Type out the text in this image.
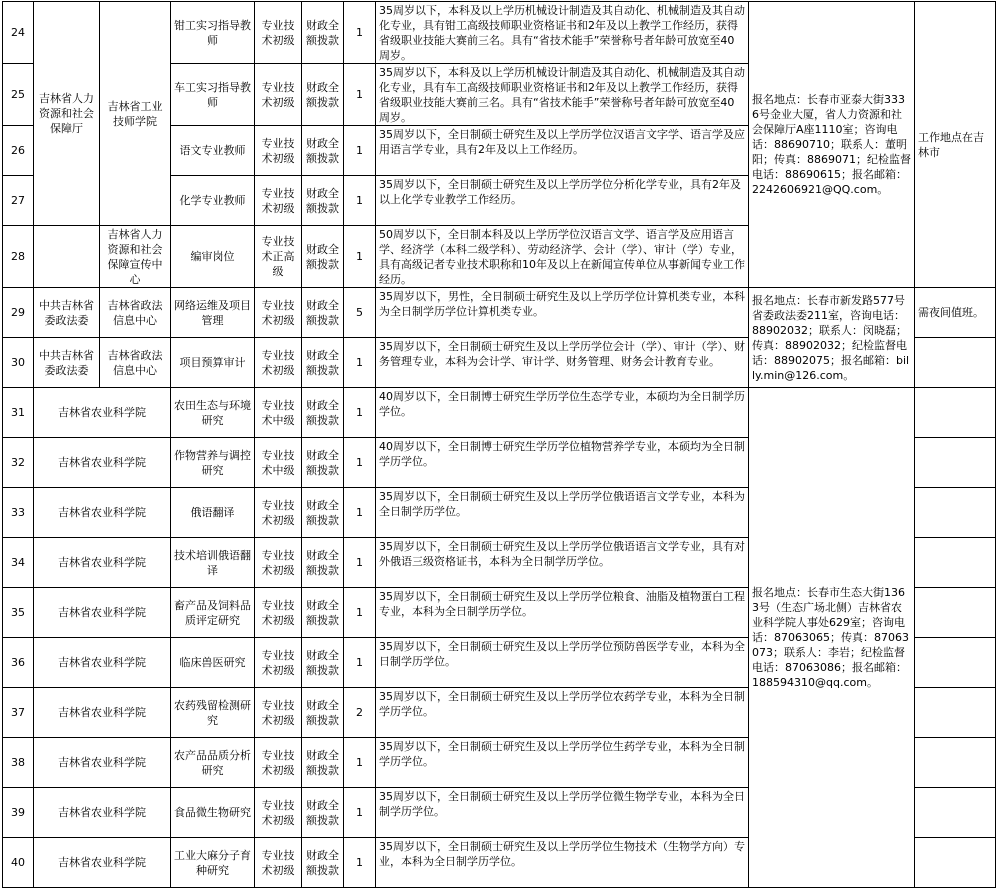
24	吉林省人力资源和社会保障厅	吉林省工业技师学院	钳工实习指导教师	专业技术初级	财政全额拨款	1	35周岁以下，本科及以上学历机械设计制造及其自动化、机械制造及其自动化专业，具有钳工高级技师职业资格证书和2年及以上教学工作经历，获得省级职业技能大赛前三名。具有“省技术能手”荣誉称号者年龄可放宽至40周岁。	报名地点：长春市亚泰大街3336号金业大厦，省人力资源和社会保障厅A座1110室；咨询电话：88690710；联系人：董明阳；传真：8869071；纪检监督电话：88690615；报名邮箱：2242606921@QQ.com。	工作地点在吉林市
25			车工实习指导教师	专业技术初级	财政全额拨款	1	35周岁以下，本科及以上学历机械设计制造及其自动化、机械制造及其自动化专业，具有车工高级技师职业资格证书和2年及以上教学工作经历，获得省级职业技能大赛前三名。具有“省技术能手”荣誉称号者年龄可放宽至40周岁。		
26			语文专业教师	专业技术初级	财政全额拨款	1	35周岁以下，全日制硕士研究生及以上学历学位汉语言文字学、语言学及应用语言学专业，具有2年及以上工作经历。		
27			化学专业教师	专业技术初级	财政全额拨款	1	35周岁以下，全日制硕士研究生及以上学历学位分析化学专业，具有2年及以上化学专业教学工作经历。		
28		吉林省人力资源和社会保障宣传中心	编审岗位	专业技术正高级	财政全额拨款	1	50周岁以下，全日制本科及以上学历学位汉语言文学、语言学及应用语言学、经济学（本科二级学科）、劳动经济学、会计（学）、审计（学）专业，具有高级记者专业技术职称和10年及以上在新闻宣传单位从事新闻专业工作经历。		
29	中共吉林省委政法委	吉林省政法信息中心	网络运维及项目管理	专业技术初级	财政全额拨款	5	35周岁以下，男性，全日制硕士研究生及以上学历学位计算机类专业，本科为全日制学历学位计算机类专业。	报名地点：长春市新发路577号省委政法委211室，咨询电话：88902032；联系人：闵晓磊；传真：88902032；纪检监督电话：88902075；报名邮箱：billy.min@126.com。	需夜间值班。
30	中共吉林省委政法委	吉林省政法信息中心	项目预算审计	专业技术初级	财政全额拨款	1	35周岁以下，全日制硕士研究生及以上学历学位会计（学）、审计（学）、财务管理专业，本科为会计学、审计学、财务管理、财务会计教育专业。		
31	吉林省农业科学院		农田生态与环境研究	专业技术中级	财政全额拨款	1	40周岁以下，全日制博士研究生学历学位生态学专业，本硕均为全日制学历学位。	报名地点：长春市生态大街1363号（生态广场北侧）吉林省农业科学院人事处629室；咨询电话：87063065；传真：87063073；联系人：李岩；纪检监督电话：87063086；报名邮箱：188594310@qq.com。	
32	吉林省农业科学院		作物营养与调控研究	专业技术中级	财政全额拨款	1	40周岁以下，全日制博士研究生学历学位植物营养学专业，本硕均为全日制学历学位。		
33	吉林省农业科学院		俄语翻译	专业技术初级	财政全额拨款	1	35周岁以下，全日制硕士研究生及以上学历学位俄语语言文学专业，本科为全日制学历学位。		
34	吉林省农业科学院		技术培训俄语翻译	专业技术初级	财政全额拨款	1	35周岁以下，全日制硕士研究生及以上学历学位俄语语言文学专业，具有对外俄语三级资格证书，本科为全日制学历学位。		
35	吉林省农业科学院		畜产品及饲料品质评定研究	专业技术初级	财政全额拨款	1	35周岁以下，全日制硕士研究生及以上学历学位粮食、油脂及植物蛋白工程专业，本科为全日制学历学位。		
36	吉林省农业科学院		临床兽医研究	专业技术初级	财政全额拨款	1	35周岁以下，全日制硕士研究生及以上学历学位预防兽医学专业，本科为全日制学历学位。		
37	吉林省农业科学院		农药残留检测研究	专业技术初级	财政全额拨款	2	35周岁以下，全日制硕士研究生及以上学历学位农药学专业，本科为全日制学历学位。		
38	吉林省农业科学院		农产品品质分析研究	专业技术初级	财政全额拨款	1	35周岁以下，全日制硕士研究生及以上学历学位生药学专业，本科为全日制学历学位。		
39	吉林省农业科学院		食品微生物研究	专业技术初级	财政全额拨款	1	35周岁以下，全日制硕士研究生及以上学历学位微生物学专业，本科为全日制学历学位。		
40	吉林省农业科学院		工业大麻分子育种研究	专业技术初级	财政全额拨款	1	35周岁以下，全日制硕士研究生及以上学历学位生物技术（生物学方向）专业，本科为全日制学历学位。		
